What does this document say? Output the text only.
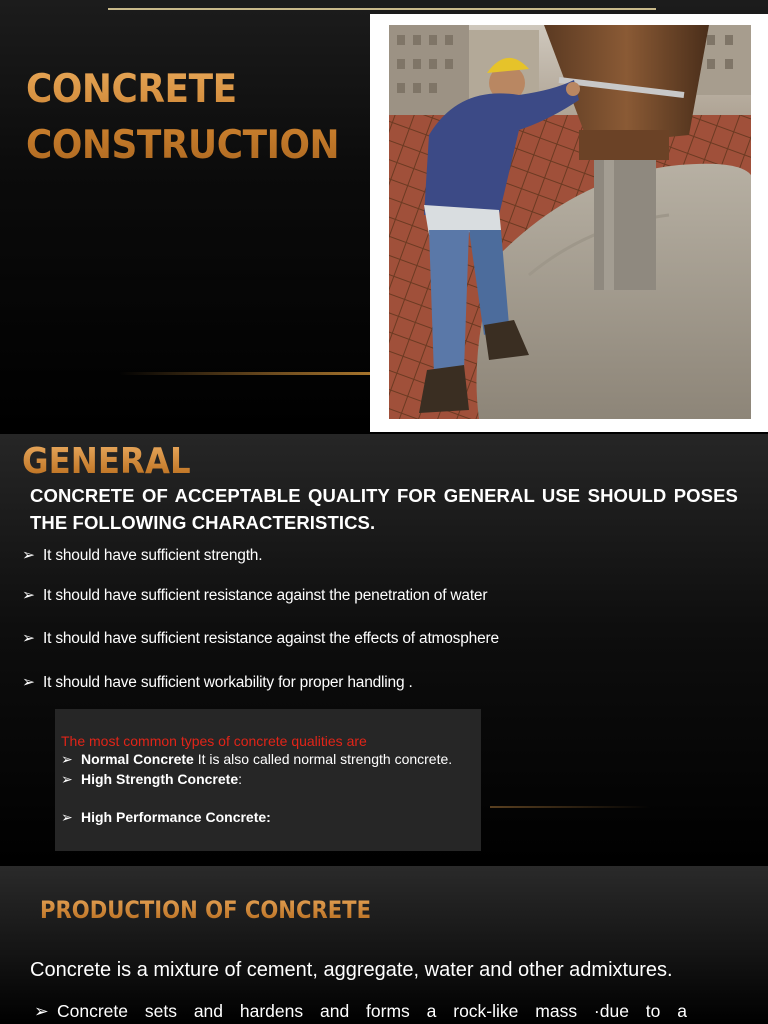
CONCRETE
CONSTRUCTION
GENERAL

CONCRETE OF ACCEPTABLE QUALITY FOR GENERAL USE SHOULD POSES THE FOLLOWING CHARACTERISTICS.

➢ It should have sufficient strength.
➢ It should have sufficient resistance against the penetration of water
➢ It should have sufficient resistance against the effects of atmosphere
➢ It should have sufficient workability for proper handling .

The most common types of concrete qualities are

➢ Normal Concrete It is also called normal strength concrete.
➢ High Strength Concrete:
➢ High Performance Concrete:
PRODUCTION OF CONCRETE

Concrete is a mixture of cement, aggregate, water and other admixtures.

➢ Concrete sets and hardens and forms a rock-like mass ·due to a
